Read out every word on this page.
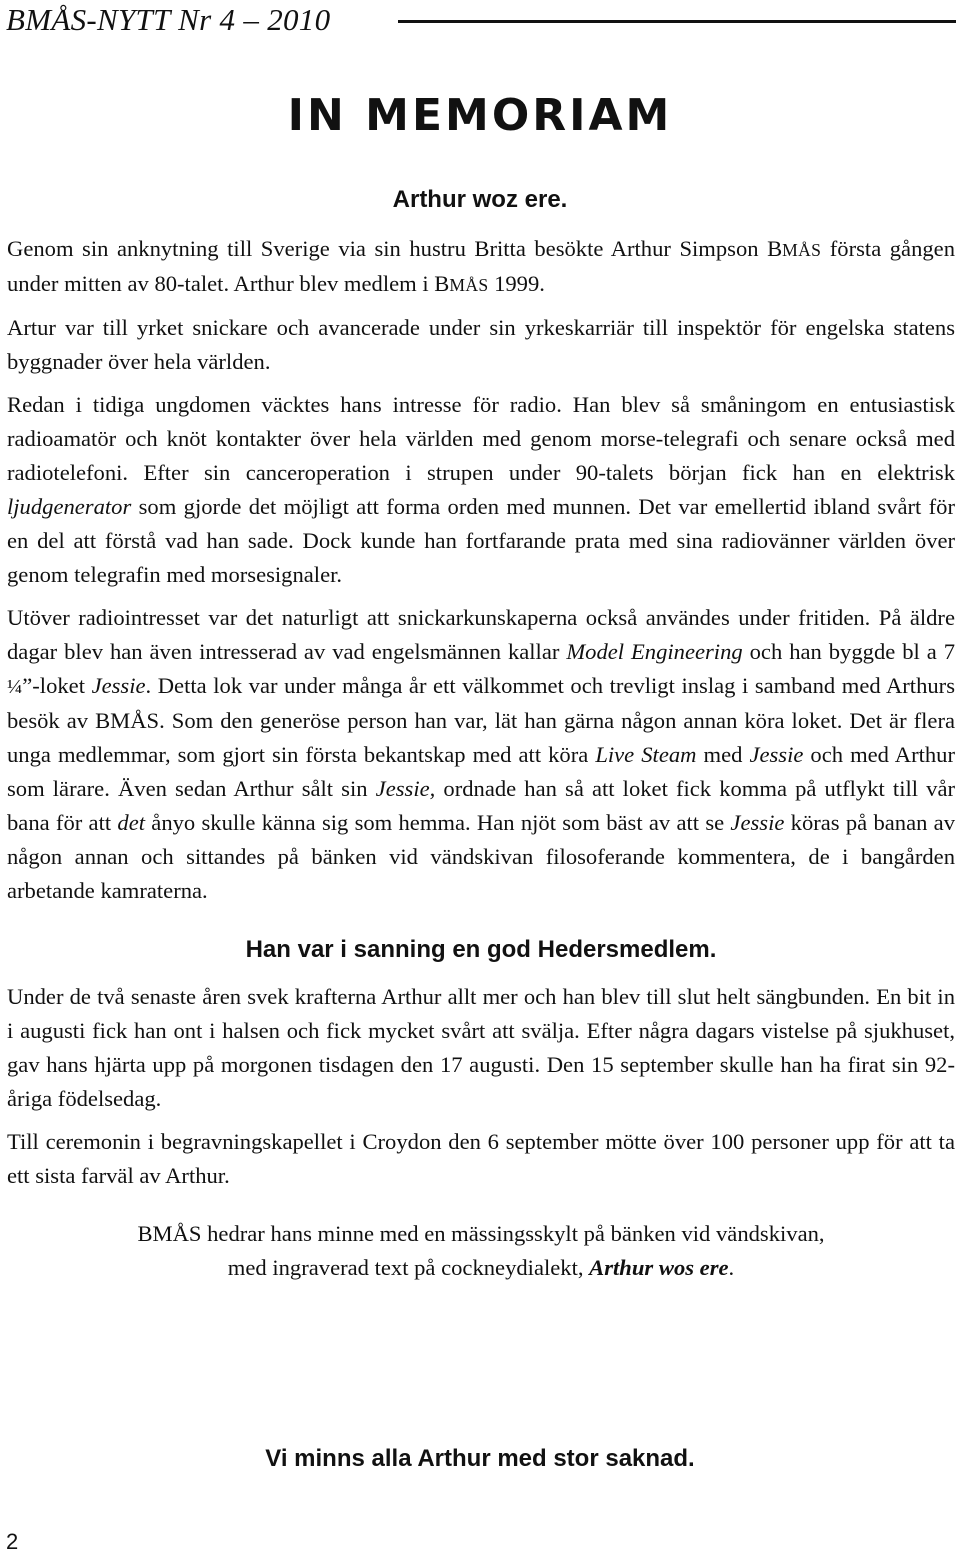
BMÅS-NYTT Nr 4 – 2010
IN MEMORIAM
Arthur woz ere.

Genom sin anknytning till Sverige via sin hustru Britta besökte Arthur Simpson BMÅS första gången under mitten av 80-talet. Arthur blev medlem i BMÅS 1999.

Artur var till yrket snickare och avancerade under sin yrkeskarriär till inspektör för engelska statens byggnader över hela världen.

Redan i tidiga ungdomen väcktes hans intresse för radio. Han blev så småningom en entusiastisk radioamatör och knöt kontakter över hela världen med genom morse-telegrafi och senare också med radiotelefoni. Efter sin canceroperation i strupen under 90-talets början fick han en elektrisk ljudgenerator som gjorde det möjligt att forma orden med munnen. Det var emellertid ibland svårt för en del att förstå vad han sade. Dock kunde han fortfarande prata med sina radiovänner världen över genom telegrafin med morsesignaler.

Utöver radiointresset var det naturligt att snickarkunskaperna också användes under fritiden. På äldre dagar blev han även intresserad av vad engelsmännen kallar Model Engineering och han byggde bl a 7 ¼”-loket Jessie. Detta lok var under många år ett välkommet och trevligt inslag i samband med Arthurs besök av BMÅS. Som den generöse person han var, lät han gärna någon annan köra loket. Det är flera unga medlemmar, som gjort sin första bekantskap med att köra Live Steam med Jessie och med Arthur som lärare. Även sedan Arthur sålt sin Jessie, ordnade han så att loket fick komma på utflykt till vår bana för att det ånyo skulle känna sig som hemma. Han njöt som bäst av att se Jessie köras på banan av någon annan och sittandes på bänken vid vändskivan filosoferande kommentera, de i bangården arbetande kamraterna.

Han var i sanning en god Hedersmedlem.

Under de två senaste åren svek krafterna Arthur allt mer och han blev till slut helt sängbunden. En bit in i augusti fick han ont i halsen och fick mycket svårt att svälja. Efter några dagars vistelse på sjukhuset, gav hans hjärta upp på morgonen tisdagen den 17 augusti. Den 15 september skulle han ha firat sin 92-åriga födelsedag.

Till ceremonin i begravningskapellet i Croydon den 6 september mötte över 100 personer upp för att ta ett sista farväl av Arthur.

BMÅS hedrar hans minne med en mässingsskylt på bänken vid vändskivan,
med ingraverad text på cockneydialekt, Arthur wos ere.

Vi minns alla Arthur med stor saknad.
2
